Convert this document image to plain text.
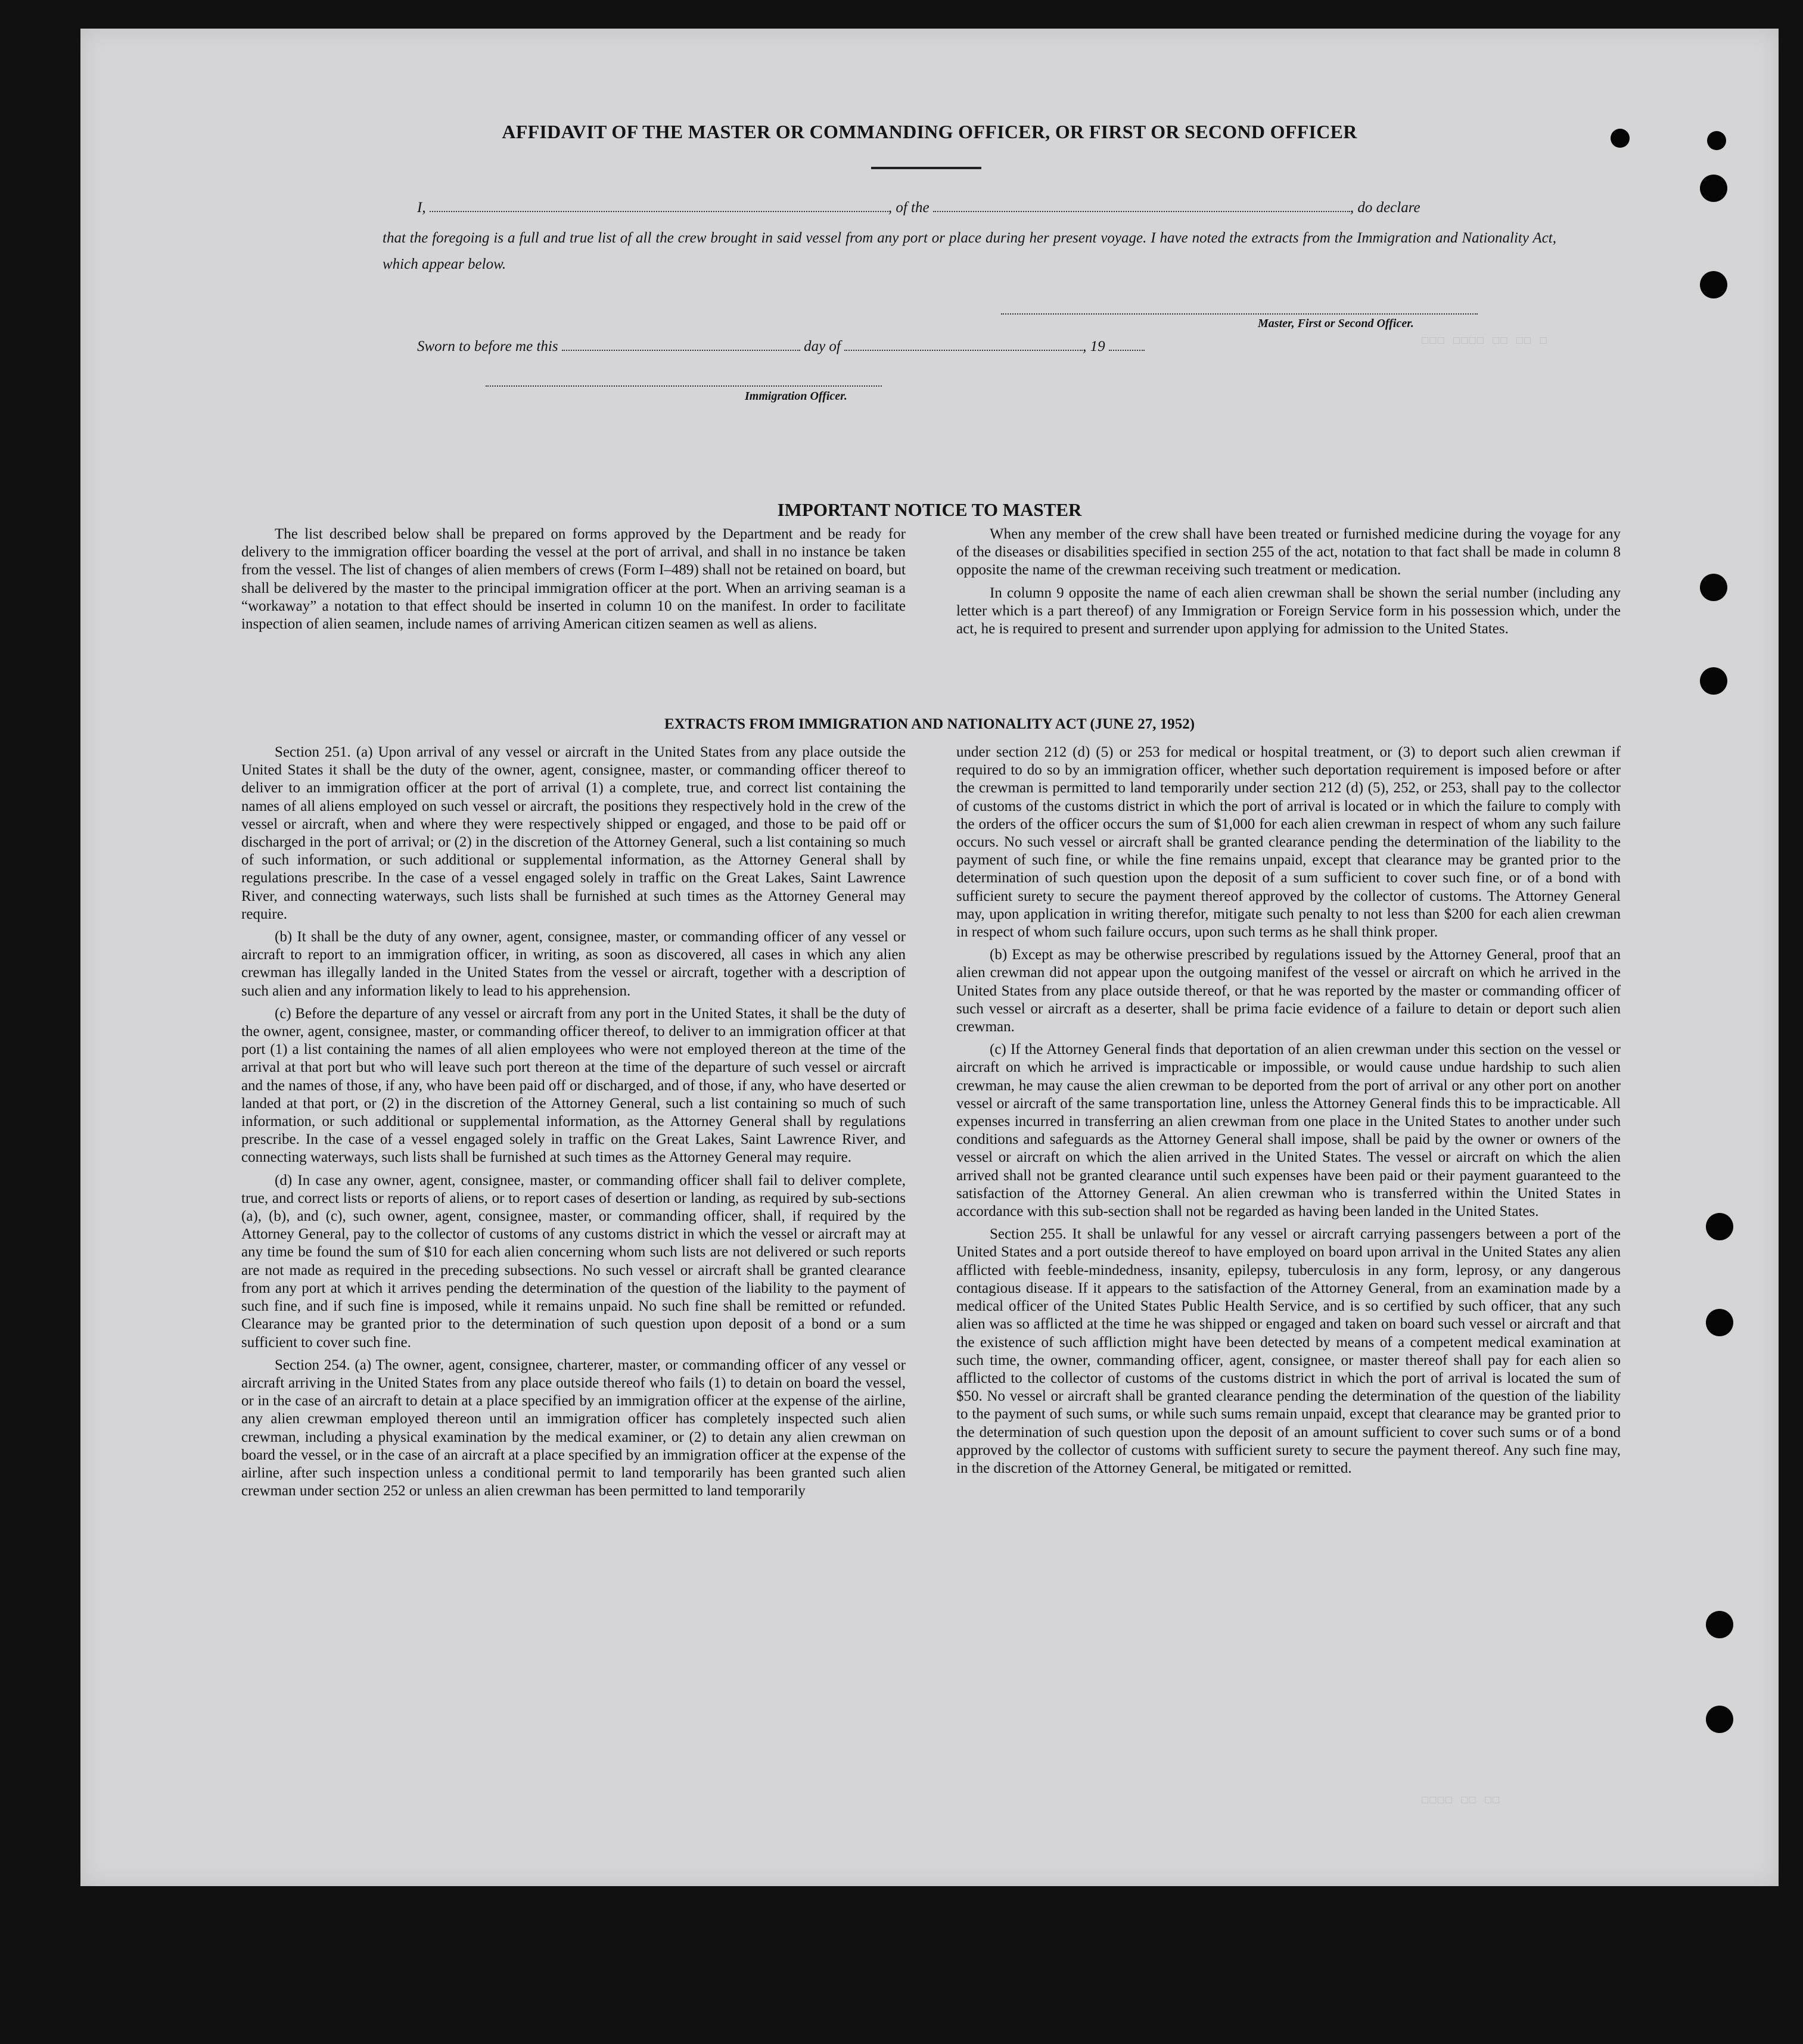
☐ ☐☐ ☐☐ ☐☐☐☐ ☐☐☐
☐☐ ☐☐ ☐☐☐☐
AFFIDAVIT OF THE MASTER OR COMMANDING OFFICER, OR FIRST OR SECOND OFFICER
I,	, of the	, do declare
that the foregoing is a full and true list of all the crew brought in said vessel from any port or place during her present voyage. I have noted the extracts from the Immigration and Nationality Act, which appear below.
Master, First or Second Officer.
Sworn to before me this	day of	, 19
Immigration Officer.
IMPORTANT NOTICE TO MASTER

The list described below shall be prepared on forms approved by the Department and be ready for delivery to the immigration officer boarding the vessel at the port of arrival, and shall in no instance be taken from the vessel. The list of changes of alien members of crews (Form I–489) shall not be retained on board, but shall be delivered by the master to the principal immigration officer at the port. When an arriving seaman is a “workaway” a notation to that effect should be inserted in column 10 on the manifest. In order to facilitate inspection of alien seamen, include names of arriving American citizen seamen as well as aliens.

When any member of the crew shall have been treated or furnished medicine during the voyage for any of the diseases or disabilities specified in section 255 of the act, notation to that fact shall be made in column 8 opposite the name of the crewman receiving such treatment or medication.

In column 9 opposite the name of each alien crewman shall be shown the serial number (including any letter which is a part thereof) of any Immigration or Foreign Service form in his possession which, under the act, he is required to present and surrender upon applying for admission to the United States.

EXTRACTS FROM IMMIGRATION AND NATIONALITY ACT (JUNE 27, 1952)

Section 251. (a) Upon arrival of any vessel or aircraft in the United States from any place outside the United States it shall be the duty of the owner, agent, consignee, master, or commanding officer thereof to deliver to an immigration officer at the port of arrival (1) a complete, true, and correct list containing the names of all aliens employed on such vessel or aircraft, the positions they respectively hold in the crew of the vessel or aircraft, when and where they were respectively shipped or engaged, and those to be paid off or discharged in the port of arrival; or (2) in the discretion of the Attorney General, such a list containing so much of such information, or such additional or supplemental information, as the Attorney General shall by regulations prescribe. In the case of a vessel engaged solely in traffic on the Great Lakes, Saint Lawrence River, and connecting waterways, such lists shall be furnished at such times as the Attorney General may require.

(b) It shall be the duty of any owner, agent, consignee, master, or commanding officer of any vessel or aircraft to report to an immigration officer, in writing, as soon as discovered, all cases in which any alien crewman has illegally landed in the United States from the vessel or aircraft, together with a description of such alien and any information likely to lead to his apprehension.

(c) Before the departure of any vessel or aircraft from any port in the United States, it shall be the duty of the owner, agent, consignee, master, or commanding officer thereof, to deliver to an immigration officer at that port (1) a list containing the names of all alien employees who were not employed thereon at the time of the arrival at that port but who will leave such port thereon at the time of the departure of such vessel or aircraft and the names of those, if any, who have been paid off or discharged, and of those, if any, who have deserted or landed at that port, or (2) in the discretion of the Attorney General, such a list containing so much of such information, or such additional or supplemental information, as the Attorney General shall by regulations prescribe. In the case of a vessel engaged solely in traffic on the Great Lakes, Saint Lawrence River, and connecting waterways, such lists shall be furnished at such times as the Attorney General may require.

(d) In case any owner, agent, consignee, master, or commanding officer shall fail to deliver complete, true, and correct lists or reports of aliens, or to report cases of desertion or landing, as required by sub-sections (a), (b), and (c), such owner, agent, consignee, master, or commanding officer, shall, if required by the Attorney General, pay to the collector of customs of any customs district in which the vessel or aircraft may at any time be found the sum of $10 for each alien concerning whom such lists are not delivered or such reports are not made as required in the preceding subsections. No such vessel or aircraft shall be granted clearance from any port at which it arrives pending the determination of the question of the liability to the payment of such fine, and if such fine is imposed, while it remains unpaid. No such fine shall be remitted or refunded. Clearance may be granted prior to the determination of such question upon deposit of a bond or a sum sufficient to cover such fine.

Section 254. (a) The owner, agent, consignee, charterer, master, or commanding officer of any vessel or aircraft arriving in the United States from any place outside thereof who fails (1) to detain on board the vessel, or in the case of an aircraft to detain at a place specified by an immigration officer at the expense of the airline, any alien crewman employed thereon until an immigration officer has completely inspected such alien crewman, including a physical examination by the medical examiner, or (2) to detain any alien crewman on board the vessel, or in the case of an aircraft at a place specified by an immigration officer at the expense of the airline, after such inspection unless a conditional permit to land temporarily has been granted such alien crewman under section 252 or unless an alien crewman has been permitted to land temporarily

under section 212 (d) (5) or 253 for medical or hospital treatment, or (3) to deport such alien crewman if required to do so by an immigration officer, whether such deportation requirement is imposed before or after the crewman is permitted to land temporarily under section 212 (d) (5), 252, or 253, shall pay to the collector of customs of the customs district in which the port of arrival is located or in which the failure to comply with the orders of the officer occurs the sum of $1,000 for each alien crewman in respect of whom any such failure occurs. No such vessel or aircraft shall be granted clearance pending the determination of the liability to the payment of such fine, or while the fine remains unpaid, except that clearance may be granted prior to the determination of such question upon the deposit of a sum sufficient to cover such fine, or of a bond with sufficient surety to secure the payment thereof approved by the collector of customs. The Attorney General may, upon application in writing therefor, mitigate such penalty to not less than $200 for each alien crewman in respect of whom such failure occurs, upon such terms as he shall think proper.

(b) Except as may be otherwise prescribed by regulations issued by the Attorney General, proof that an alien crewman did not appear upon the outgoing manifest of the vessel or aircraft on which he arrived in the United States from any place outside thereof, or that he was reported by the master or commanding officer of such vessel or aircraft as a deserter, shall be prima facie evidence of a failure to detain or deport such alien crewman.

(c) If the Attorney General finds that deportation of an alien crewman under this section on the vessel or aircraft on which he arrived is impracticable or impossible, or would cause undue hardship to such alien crewman, he may cause the alien crewman to be deported from the port of arrival or any other port on another vessel or aircraft of the same transportation line, unless the Attorney General finds this to be impracticable. All expenses incurred in transferring an alien crewman from one place in the United States to another under such conditions and safeguards as the Attorney General shall impose, shall be paid by the owner or owners of the vessel or aircraft on which the alien arrived in the United States. The vessel or aircraft on which the alien arrived shall not be granted clearance until such expenses have been paid or their payment guaranteed to the satisfaction of the Attorney General. An alien crewman who is transferred within the United States in accordance with this sub-section shall not be regarded as having been landed in the United States.

Section 255. It shall be unlawful for any vessel or aircraft carrying passengers between a port of the United States and a port outside thereof to have employed on board upon arrival in the United States any alien afflicted with feeble-mindedness, insanity, epilepsy, tuberculosis in any form, leprosy, or any dangerous contagious disease. If it appears to the satisfaction of the Attorney General, from an examination made by a medical officer of the United States Public Health Service, and is so certified by such officer, that any such alien was so afflicted at the time he was shipped or engaged and taken on board such vessel or aircraft and that the existence of such affliction might have been detected by means of a competent medical examination at such time, the owner, commanding officer, agent, consignee, or master thereof shall pay for each alien so afflicted to the collector of customs of the customs district in which the port of arrival is located the sum of $50. No vessel or aircraft shall be granted clearance pending the determination of the question of the liability to the payment of such sums, or while such sums remain unpaid, except that clearance may be granted prior to the determination of such question upon the deposit of an amount sufficient to cover such sums or of a bond approved by the collector of customs with sufficient surety to secure the payment thereof. Any such fine may, in the discretion of the Attorney General, be mitigated or remitted.
